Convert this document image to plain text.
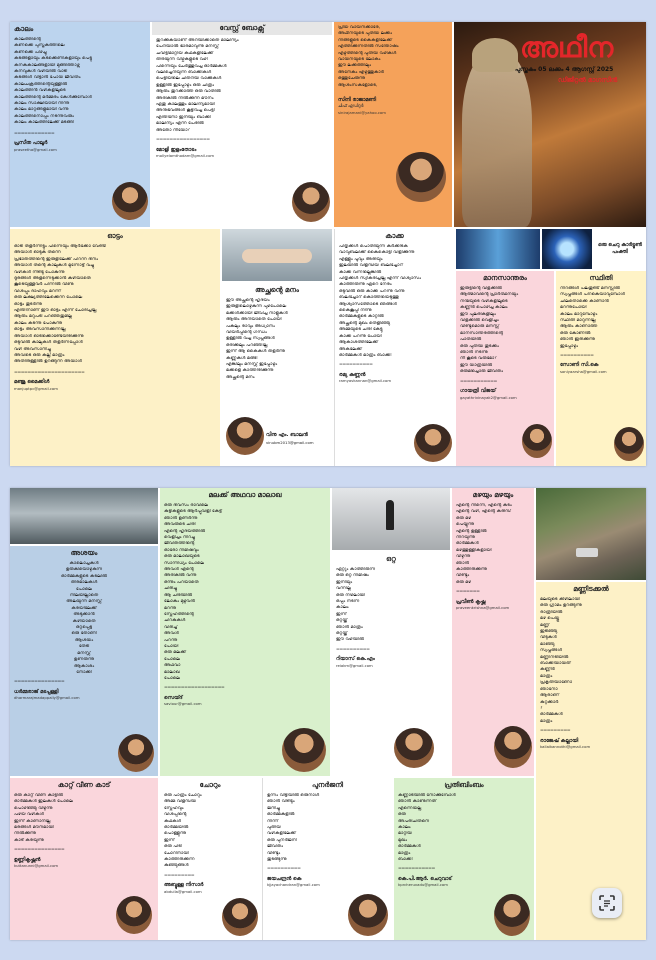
കാലം
കാലത്തിന്റെ
കണക്കെ പുസ്തകത്തിലെ
കണക്കെ പിഴച്ചു
കടങ്ങളായും കടക്കെണികളായും പെട്ടു
കനകകാലങ്ങളായി മുങ്ങിത്താഴ്ന്നു
കനവുകൾ വഴിയിൽ വാടി
കടങ്ങൾ വീട്ടാൻ പോയ ജീവിതം
കാലചക്രത്തിന്റെയുള്ളിൽ
കാലത്തിൻ വഴികളിലൂടെ
കാലത്തിന്റെ മർമ്മരം കേൾക്കുമ്പോൾ
കാലം സാക്ഷിയായി നിന്നു
കാലം മാറ്റങ്ങളുമായി വന്നു
കാലത്തിനൊപ്പം നടന്നുവരും
കാലം കാലത്തിലേക്ക് മടങ്ങി
============
പ്രസീത പാലൂർ
praseetha@gmail.com
വേസ്റ്റ് ബോക്സ്
തുറക്കുകയാണ് അറിയിക്കാതെ മാലിന്യം
പേറിയാൽ ഭാരമാവുന്നു മനസ്സ്
ചവിട്ടിമാറ്റിയ കഥകളിലേക്ക്
തിരയുന്ന വീഴ്ചകളുടെ വഴി
പിന്നെയും ചേർത്തുവച്ച ഓർമ്മകൾ
വലിച്ചെറിയുന്ന ബാക്കികൾ
പെട്ടിയിലെ ചിതറിയ വാക്കുകൾ
ഉള്ളിൽ ഇപ്പോഴും ഒരു ചിത്രം
ആരും തുറക്കാത്ത ഒരു വാതിൽ
അരികിൽ നിൽക്കുന്ന മൗനം
ഏതു കാലത്തും മാലിന്യമായി
അനുഭവങ്ങൾ കൂട്ടിവച്ച പെട്ടി
എന്തിനോ ഇനിയും ബാക്കി
മാലിന്യം എന്ന പേരിൽ
അതോ നീയോ?
================
മോളി ഇളംതോടം
mollyelamthodam@gmail.com
പ്രിയ വായനക്കാരേ,
അഥീനയുടെ പുതിയ ലക്കം
നിങ്ങളുടെ കൈകളിലേക്ക്
എത്തിക്കുന്നതിൽ സന്തോഷം
എഴുത്തിന്റെ പുതിയ വഴികൾ
വായനയുടെ ലോകം
ഈ ലക്കത്തിലും
അനേകം എഴുത്തുകാർ
ഒത്തുചേരുന്നു
ആശംസകളോടെ,
സിനി രാജാമണി
ചീഫ് എഡിറ്റർ
sinirajamani@yahoo.com
അഥീന
പുസ്തകം 05 ലക്കം 4 ആഗസ്റ്റ് 2025
ഡിജിറ്റൽ മാഗസിൻ
ഓട്ടം
ഓടി തളർന്നിട്ടും പിന്നെയും ആർക്കോ വേണ്ടി
അയാൾ ഓടുക തന്നെ
പ്രഭാതത്തിന്റെ ഇരുളിലേക്ക് പിറന്ന ദിനം
അയാൾ തന്റെ കാലുകൾ മുന്നോട്ട് വച്ചു
വഴികൾ നീണ്ടു പോകുന്നു
ദൂരങ്ങൾ അളന്നെടുക്കാൻ കഴിയാതെ
കൂടെയുള്ളവർ പിന്നിൽ വീണു
വിശപ്പും ദാഹവും മറന്ന്
ഒരു ലക്ഷ്യത്തിലേക്കെന്ന പോലെ
ഓട്ടം തുടർന്നു
എന്തിനാണ് ഈ ഓട്ടം എന്ന് ചോദിച്ചില്ല
ആരും മറുപടി പറഞ്ഞതുമില്ല
കാലം കടന്നു പോകുന്നു
ഓട്ടം അവസാനിക്കുന്നില്ല
അയാൾ ഓടിക്കൊണ്ടേയിരിക്കുന്നു
ഒടുവിൽ കാലുകൾ തളർന്നപ്പോൾ
വഴി അവസാനിച്ചു
അവിടെ ഒരു കല്ല് മാത്രം
അതിനുള്ളിൽ ഉറങ്ങുന്ന അയാൾ
=====================
മഞ്ജു മൈക്കിൾ
manjuptpc@gmail.com
അച്ഛന്റെ മനം
ഈ അച്ഛന്റെ ഹൃദയം
ഇരുളിലൊഴുകുന്ന പുഴപോലെ
മക്കൾക്കായി ജീവിച്ച നാളുകൾ
ആരും അറിയാതെ പോയി
പകലും രാവും അധ്വാനം
വിയർപ്പിന്റെ ഗന്ധം
ഉള്ളിൽ വച്ച സ്വപ്നങ്ങൾ
ഒരിക്കലും പറഞ്ഞില്ല
ഇന്ന് ആ കൈകൾ തളർന്നു
കണ്ണുകൾ മങ്ങി
എങ്കിലും മനസ്സ് ഇപ്പോഴും
മക്കളെ കാത്തിരിക്കുന്നു
അച്ഛന്റെ മനം
വിനു എം. ബാലൻ
vinubm2013@gmail.com
കാക്ക
പിതൃക്കൾ പൊതിയുന്ന കർക്കിടക
വാവുബലിക്ക് കൈകൊട്ടി വിളിക്കുന്നു
എള്ളും പൂവും അരിയും
ഇലയിൽ വിളമ്പിയ ബലിച്ചോറ്
കാക്ക വന്നില്ലെങ്കിൽ
പിതൃക്കൾ സ്വീകരിച്ചില്ല എന്ന് വിശ്വാസം
കാത്തിരുന്നു ഏറെ നേരം
ഒടുവിൽ ഒരു കാക്ക പറന്നു വന്നു
ബലിച്ചോറ് കൊത്തിയെടുത്തു
ആശ്വാസത്തോടെ ഞങ്ങൾ
കൈകൂപ്പി നിന്നു
ഓർമ്മകളുടെ കാറ്റിൽ
അച്ഛന്റെ മുഖം തെളിഞ്ഞു
അമ്മയുടെ ചിരി കേട്ടു
കാക്ക പറന്നു പോയി
ആകാശത്തിലേക്ക്
അകലേക്ക്
ഓർമ്മകൾ മാത്രം ബാക്കി
==========
രമ്യ കണ്ണൻ
ramyavkannan@gmail.com
ഒരു ചെറു കാർട്ടൂൺ പംക്തി
മാനസാന്തരം
ഇരുട്ടിന്റെ വിളക്കിൽ
ആത്മാവിന്റെ പ്രാർത്ഥനയും
നന്മയുടെ വഴികളിലൂടെ
കണ്ണീർ പൊഴിച്ച കാലം
ഈ പുലരികളിലും
വിളക്കിൽ വെളിച്ചം
വീണ്ടുമൊരു മനസ്സ്
മാനസാന്തരത്തിന്റെ
പാതയിൽ
ഒരു പുതിയ തുടക്കം
ഞാൻ നടന്നു
നീ കൂടെ വരുമോ?
ഈ യാത്രയിൽ
ഒരുമിച്ചൊരു ജീവിതം
===========
ഗായത്രി വിജയ്
gayathrivinayak2@gmail.com
സ്ഥിതി
നിറങ്ങൾ പലതുണ്ട് മനസ്സിൽ
സ്വപ്നങ്ങൾ പിറകെയാവുമ്പോൾ
ചിലതൊക്കെ കാണാൻ
മറന്നുപോയി
കാലം മാറുമ്പോഴും
സ്ഥിതി മാറുന്നില്ല
ആരും കാണാത്ത
ഒരു കോണിൽ
ഞാൻ ഇരിക്കുന്നു
ഇപ്പോഴും
==========
സോണി സി.കെ
soniyaarsha@gmail.com
അശയം
കാലൊച്ചകൾ
ഉരുകിയൊഴുകുന്ന
ഓർമ്മകളുടെ കടലിൽ
തിരമാലകൾ
പോലെ
നിലയില്ലാതെ
അലയുന്ന മനസ്സ്
കരയിലേക്ക്
അടുക്കാൻ
കഴിയാതെ
ഒറ്റപ്പെട്ട
ഒരു തോണി
ആശയം
തേടി
മനസ്സ്
ഉണരുന്നു
ആകാശം
നോക്കി
===============
ധർമ്മരാജ് മടപ്പള്ളി
dharmarajmadappally@gmail.com
കാറ്റ് വീണ കാട്
ഒരു കാറ്റ് വീണ കാട്ടിൽ
ഓർമ്മകൾ ഇലകൾ പോലെ
പൊഴിഞ്ഞു വീഴുന്നു
പഴയ വഴികൾ
ഇന്ന് കാണാനില്ല
മരങ്ങൾ മൗനമായി
നിൽക്കുന്നു
കാട് കരയുന്നു
===============
ഉണ്ണികൃഷ്ണൻ
kuttanunni@gmail.com
മലക്ക് അഥവാ മാലാഖ
ഒരു ദിവസം രാവിലെ
കുട്ടികളുടെ ആർപ്പുവിളി കേട്ട്
ഞാൻ ഉണർന്നു
അവരുടെ ചിരി
എന്റെ ഹൃദയത്തിൽ
വെളിച്ചം നിറച്ചു
ജീവിതത്തിന്റെ
ഓരോ നിമിഷവും
ഒരു മാലാഖയുടെ
സാന്നിധ്യം പോലെ
അവൾ എന്റെ
അരികിൽ വന്നു
ഒന്നും പറയാതെ
ചിരിച്ചു
ആ ചിരിയിൽ
ലോകം മുഴുവൻ
മറന്നു
സ്നേഹത്തിന്റെ
ചിറകുകൾ
വിരിച്ച്
അവൾ
പറന്നു
പോയി
ഒരു മലക്ക്
പോലെ
അഥവാ
മാലാഖ
പോലെ
==================
സെയ്ദ്
saviour@gmail.com
ഒറ്റ
ഏറ്റും കാത്തിരുന്ന
ഒരു ഒറ്റ നിമിഷം
ഇനിയും
വന്നില്ല
ഒരു നിഴലായി
ഒപ്പം നടന്ന
കാലം
ഇന്ന്
ഒറ്റയ്ക്ക്
ഞാൻ മാത്രം
ഒറ്റയ്ക്ക്
ഈ വഴിയിൽ
==========
റിയാസ് കെ.എം
reiakm@gmail.com
മഴയും മഴയും
എന്റെ നിന്നെ, എന്റെ കടം
എന്റെ വഴി, എന്റെ കരിമ്പ്
ഒരു മഴ
പെയ്യുന്നു
എന്റെ ഉള്ളിൽ
നിറയുന്നു
ഓർമ്മകൾ
മഴത്തുള്ളികളായി
വീഴുന്നു
ഞാൻ
കാത്തിരിക്കുന്നു
വീണ്ടും
ഒരു മഴ
=======
പ്രവീൺ കൃഷ്ണ
praveenkrishna@gmail.com
മണ്ണിടക്കൽ
മലയുടെ കീഴിലായി
ഒരു ഗ്രാമം ഉറങ്ങുന്നു
രാത്രിയിൽ
മഴ പെയ്തു
മണ്ണ്
ഇടിഞ്ഞു
വീടുകൾ
മാഞ്ഞു
സ്വപ്നങ്ങൾ
മണ്ണിനടിയിൽ
ബാക്കിയായത്
കണ്ണീർ
മാത്രം
പ്രകൃതിയാണോ
ഞാനോ
ആരാണ്
കുറ്റക്കാർ
?
ഓർമ്മകൾ
മാത്രം
=========
രാജേഷ് കല്ലായി
kallaikannothi@gmail.com
ചോറും
ഒരു പാത്രം ചോറും
അമ്മ വിളമ്പിയ
സ്നേഹവും
വിശപ്പിന്റെ
കഥകൾ
ഓർമ്മയിൽ
പൊള്ളുന്നു
ഇന്ന്
ഒരു പിടി
ചോറിനായി
കാത്തിരിക്കുന്ന
കുഞ്ഞുങ്ങൾ
=========
അബ്ദുള്ള നിസാർ
abdulla@gmail.com
പുനർജനി
ഉന്നം വീട്ടിയിൽ ഒരുനാൾ
ഞാൻ വീണ്ടും
ജനിച്ചു
ഓർമ്മകളിൽ
നിന്ന്
പുതിയ
വഴികളിലേക്ക്
ഒരു പുനർജനി
ജീവിതം
വീണ്ടും
തുടങ്ങുന്നു
==========
ജയചന്ദ്രൻ കെ
kjjayachandran@gmail.com
പ്രതിബിംബം
കണ്ണാടിയിൽ നോക്കുമ്പോൾ
ഞാൻ കാണുന്നത്
എന്നെയല്ല
ഒരു
അപരിചിതനെ
കാലം
മാറ്റിയ
മുഖം
ഓർമ്മകൾ
മാത്രം
ബാക്കി
===========
കെ.പി.ആർ. ചെറുവാട്
kprcheruvadu@gmail.com
